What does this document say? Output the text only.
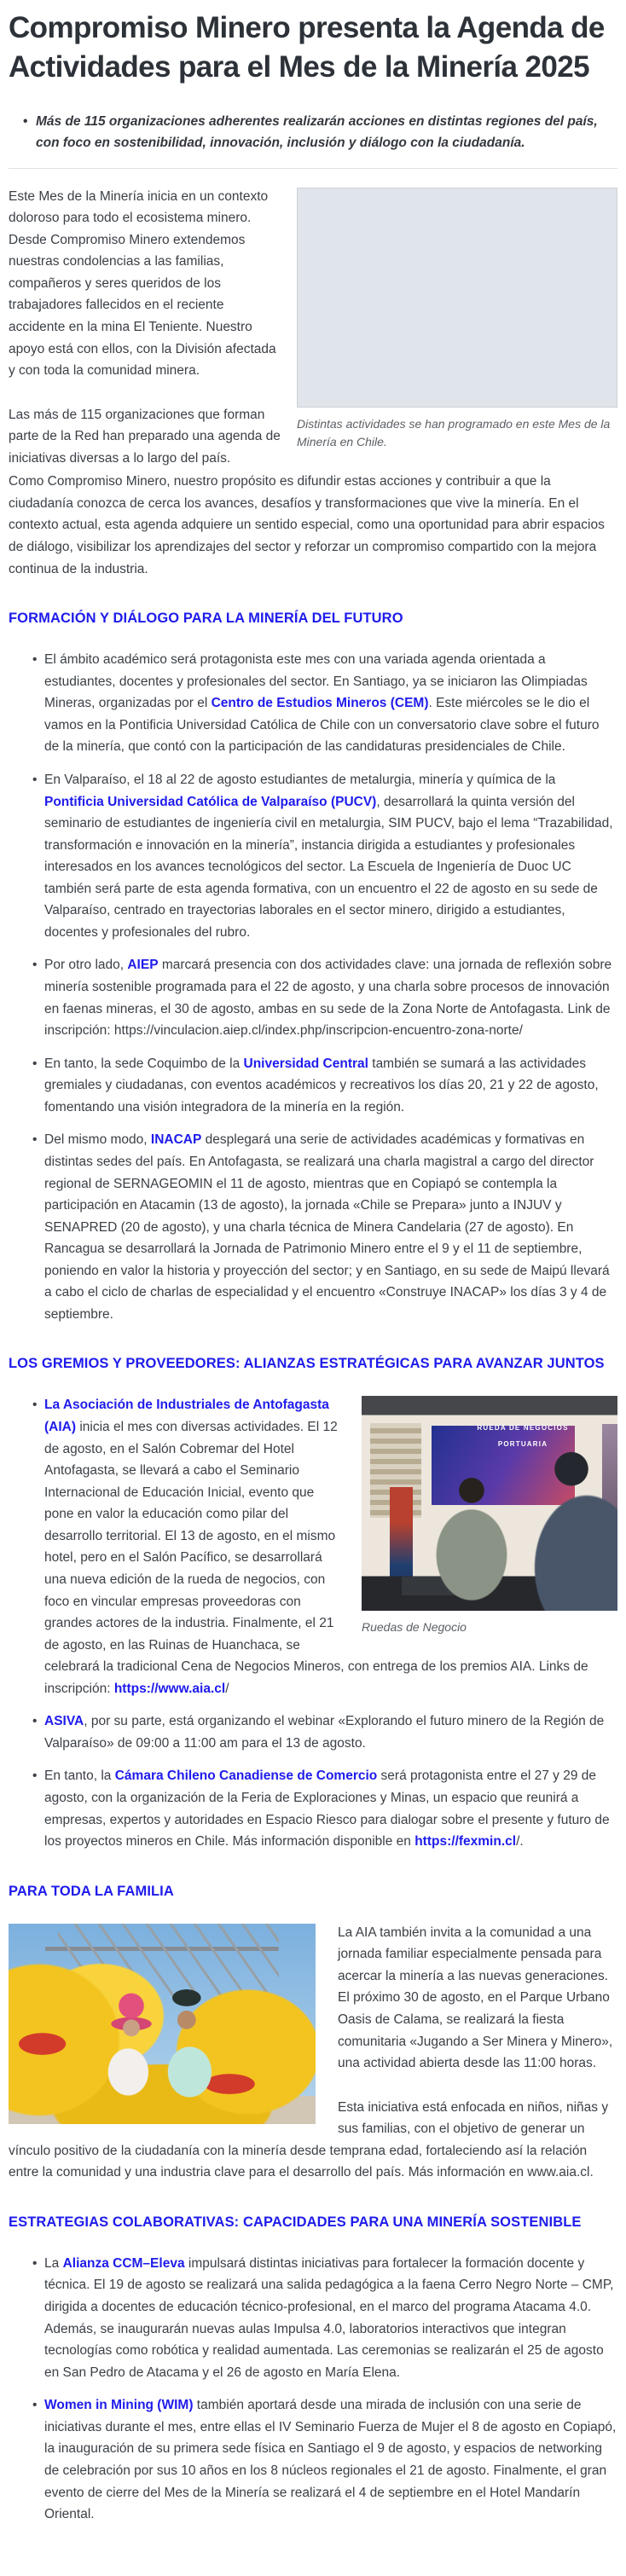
Compromiso Minero presenta la Agenda de Actividades para el Mes de la Minería 2025
• Más de 115 organizaciones adherentes realizarán acciones en distintas regiones del país, con foco en sostenibilidad, innovación, inclusión y diálogo con la ciudadanía.
Distintas actividades se han programado en este Mes de la Minería en Chile.

Este Mes de la Minería inicia en un contexto doloroso para todo el ecosistema minero. Desde Compromiso Minero extendemos nuestras condolencias a las familias, compañeros y seres queridos de los trabajadores fallecidos en el reciente accidente en la mina El Teniente. Nuestro apoyo está con ellos, con la División afectada y con toda la comunidad minera.

Las más de 115 organizaciones que forman parte de la Red han preparado una agenda de iniciativas diversas a lo largo del país.

Como Compromiso Minero, nuestro propósito es difundir estas acciones y contribuir a que la ciudadanía conozca de cerca los avances, desafíos y transformaciones que vive la minería. En el contexto actual, esta agenda adquiere un sentido especial, como una oportunidad para abrir espacios de diálogo, visibilizar los aprendizajes del sector y reforzar un compromiso compartido con la mejora continua de la industria.

FORMACIÓN Y DIÁLOGO PARA LA MINERÍA DEL FUTURO
• El ámbito académico será protagonista este mes con una variada agenda orientada a estudiantes, docentes y profesionales del sector. En Santiago, ya se iniciaron las Olimpiadas Mineras, organizadas por el Centro de Estudios Mineros (CEM). Este miércoles se le dio el vamos en la Pontificia Universidad Católica de Chile con un conversatorio clave sobre el futuro de la minería, que contó con la participación de las candidaturas presidenciales de Chile.
• En Valparaíso, el 18 al 22 de agosto estudiantes de metalurgia, minería y química de la Pontificia Universidad Católica de Valparaíso (PUCV), desarrollará la quinta versión del seminario de estudiantes de ingeniería civil en metalurgia, SIM PUCV, bajo el lema “Trazabilidad, transformación e innovación en la minería”, instancia dirigida a estudiantes y profesionales interesados en los avances tecnológicos del sector. La Escuela de Ingeniería de Duoc UC también será parte de esta agenda formativa, con un encuentro el 22 de agosto en su sede de Valparaíso, centrado en trayectorias laborales en el sector minero, dirigido a estudiantes, docentes y profesionales del rubro.
• Por otro lado, AIEP marcará presencia con dos actividades clave: una jornada de reflexión sobre minería sostenible programada para el 22 de agosto, y una charla sobre procesos de innovación en faenas mineras, el 30 de agosto, ambas en su sede de la Zona Norte de Antofagasta. Link de inscripción: https://vinculacion.aiep.cl/index.php/inscripcion-encuentro-zona-norte/
• En tanto, la sede Coquimbo de la Universidad Central también se sumará a las actividades gremiales y ciudadanas, con eventos académicos y recreativos los días 20, 21 y 22 de agosto, fomentando una visión integradora de la minería en la región.
• Del mismo modo, INACAP desplegará una serie de actividades académicas y formativas en distintas sedes del país. En Antofagasta, se realizará una charla magistral a cargo del director regional de SERNAGEOMIN el 11 de agosto, mientras que en Copiapó se contempla la participación en Atacamin (13 de agosto), la jornada «Chile se Prepara» junto a INJUV y SENAPRED (20 de agosto), y una charla técnica de Minera Candelaria (27 de agosto). En Rancagua se desarrollará la Jornada de Patrimonio Minero entre el 9 y el 11 de septiembre, poniendo en valor la historia y proyección del sector; y en Santiago, en su sede de Maipú llevará a cabo el ciclo de charlas de especialidad y el encuentro «Construye INACAP» los días 3 y 4 de septiembre.
LOS GREMIOS Y PROVEEDORES: ALIANZAS ESTRATÉGICAS PARA AVANZAR JUNTOS
• RUEDA DE NEGOCIOS
PORTUARIA
Ruedas de Negocio
La Asociación de Industriales de Antofagasta (AIA) inicia el mes con diversas actividades. El 12 de agosto, en el Salón Cobremar del Hotel Antofagasta, se llevará a cabo el Seminario Internacional de Educación Inicial, evento que pone en valor la educación como pilar del desarrollo territorial. El 13 de agosto, en el mismo hotel, pero en el Salón Pacífico, se desarrollará una nueva edición de la rueda de negocios, con foco en vincular empresas proveedoras con grandes actores de la industria. Finalmente, el 21 de agosto, en las Ruinas de Huanchaca, se celebrará la tradicional Cena de Negocios Mineros, con entrega de los premios AIA. Links de inscripción: https://www.aia.cl/
• ASIVA, por su parte, está organizando el webinar «Explorando el futuro minero de la Región de Valparaíso» de 09:00 a 11:00 am para el 13 de agosto.
• En tanto, la Cámara Chileno Canadiense de Comercio será protagonista entre el 27 y 29 de agosto, con la organización de la Feria de Exploraciones y Minas, un espacio que reunirá a empresas, expertos y autoridades en Espacio Riesco para dialogar sobre el presente y futuro de los proyectos mineros en Chile. Más información disponible en https://fexmin.cl/.
PARA TODA LA FAMILIA

La AIA también invita a la comunidad a una jornada familiar especialmente pensada para acercar la minería a las nuevas generaciones. El próximo 30 de agosto, en el Parque Urbano Oasis de Calama, se realizará la fiesta comunitaria «Jugando a Ser Minera y Minero», una actividad abierta desde las 11:00 horas.

Esta iniciativa está enfocada en niños, niñas y sus familias, con el objetivo de generar un vínculo positivo de la ciudadanía con la minería desde temprana edad, fortaleciendo así la relación entre la comunidad y una industria clave para el desarrollo del país. Más información en www.aia.cl.

ESTRATEGIAS COLABORATIVAS: CAPACIDADES PARA UNA MINERÍA SOSTENIBLE
• La Alianza CCM–Eleva impulsará distintas iniciativas para fortalecer la formación docente y técnica. El 19 de agosto se realizará una salida pedagógica a la faena Cerro Negro Norte – CMP, dirigida a docentes de educación técnico-profesional, en el marco del programa Atacama 4.0. Además, se inaugurarán nuevas aulas Impulsa 4.0, laboratorios interactivos que integran tecnologías como robótica y realidad aumentada. Las ceremonias se realizarán el 25 de agosto en San Pedro de Atacama y el 26 de agosto en María Elena.
• Women in Mining (WIM) también aportará desde una mirada de inclusión con una serie de iniciativas durante el mes, entre ellas el IV Seminario Fuerza de Mujer el 8 de agosto en Copiapó, la inauguración de su primera sede física en Santiago el 9 de agosto, y espacios de networking de celebración por sus 10 años en los 8 núcleos regionales el 21 de agosto. Finalmente, el gran evento de cierre del Mes de la Minería se realizará el 4 de septiembre en el Hotel Mandarín Oriental.
